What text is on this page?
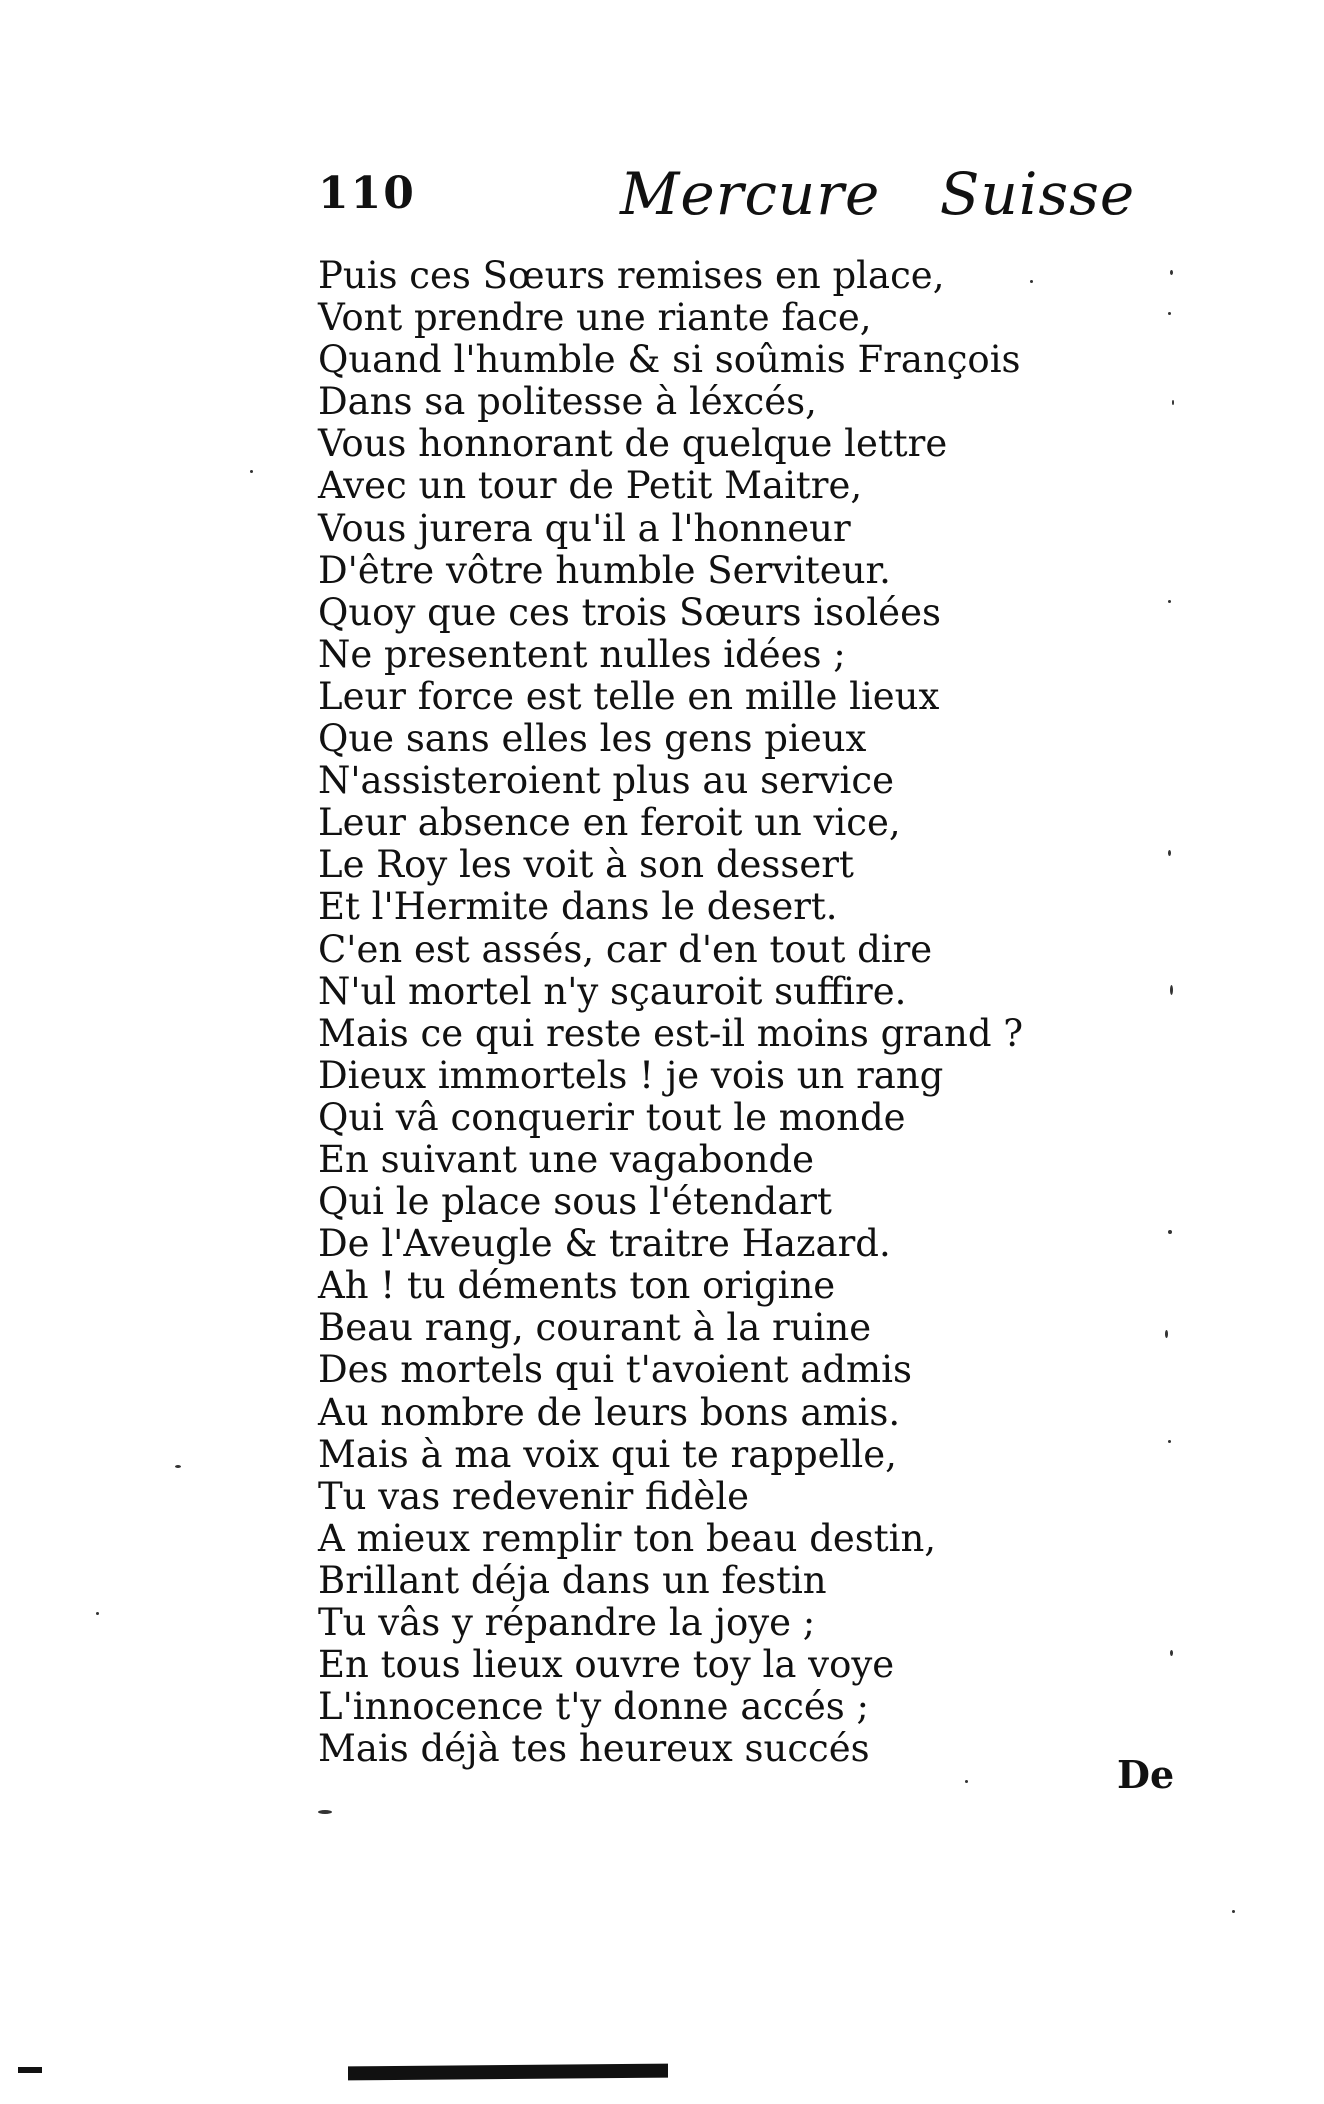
110	Mercure Suisse
Puis ces Sœurs remises en place,
Vont prendre une riante face,
Quand l'humble & si soûmis François
Dans sa politesse à léxcés,
Vous honnorant de quelque lettre
Avec un tour de Petit Maitre,
Vous jurera qu'il a l'honneur
D'être vôtre humble Serviteur.
Quoy que ces trois Sœurs isolées
Ne presentent nulles idées ;
Leur force est telle en mille lieux
Que sans elles les gens pieux
N'assisteroient plus au service
Leur absence en feroit un vice,
Le Roy les voit à son dessert
Et l'Hermite dans le desert.
C'en est assés, car d'en tout dire
N'ul mortel n'y sçauroit suffire.
Mais ce qui reste est-il moins grand ?
Dieux immortels ! je vois un rang
Qui vâ conquerir tout le monde
En suivant une vagabonde
Qui le place sous l'étendart
De l'Aveugle & traitre Hazard.
Ah ! tu déments ton origine
Beau rang, courant à la ruine
Des mortels qui t'avoient admis
Au nombre de leurs bons amis.
Mais à ma voix qui te rappelle,
Tu vas redevenir fidèle
A mieux remplir ton beau destin,
Brillant déja dans un festin
Tu vâs y répandre la joye ;
En tous lieux ouvre toy la voye
L'innocence t'y donne accés ;
Mais déjà tes heureux succés
De
